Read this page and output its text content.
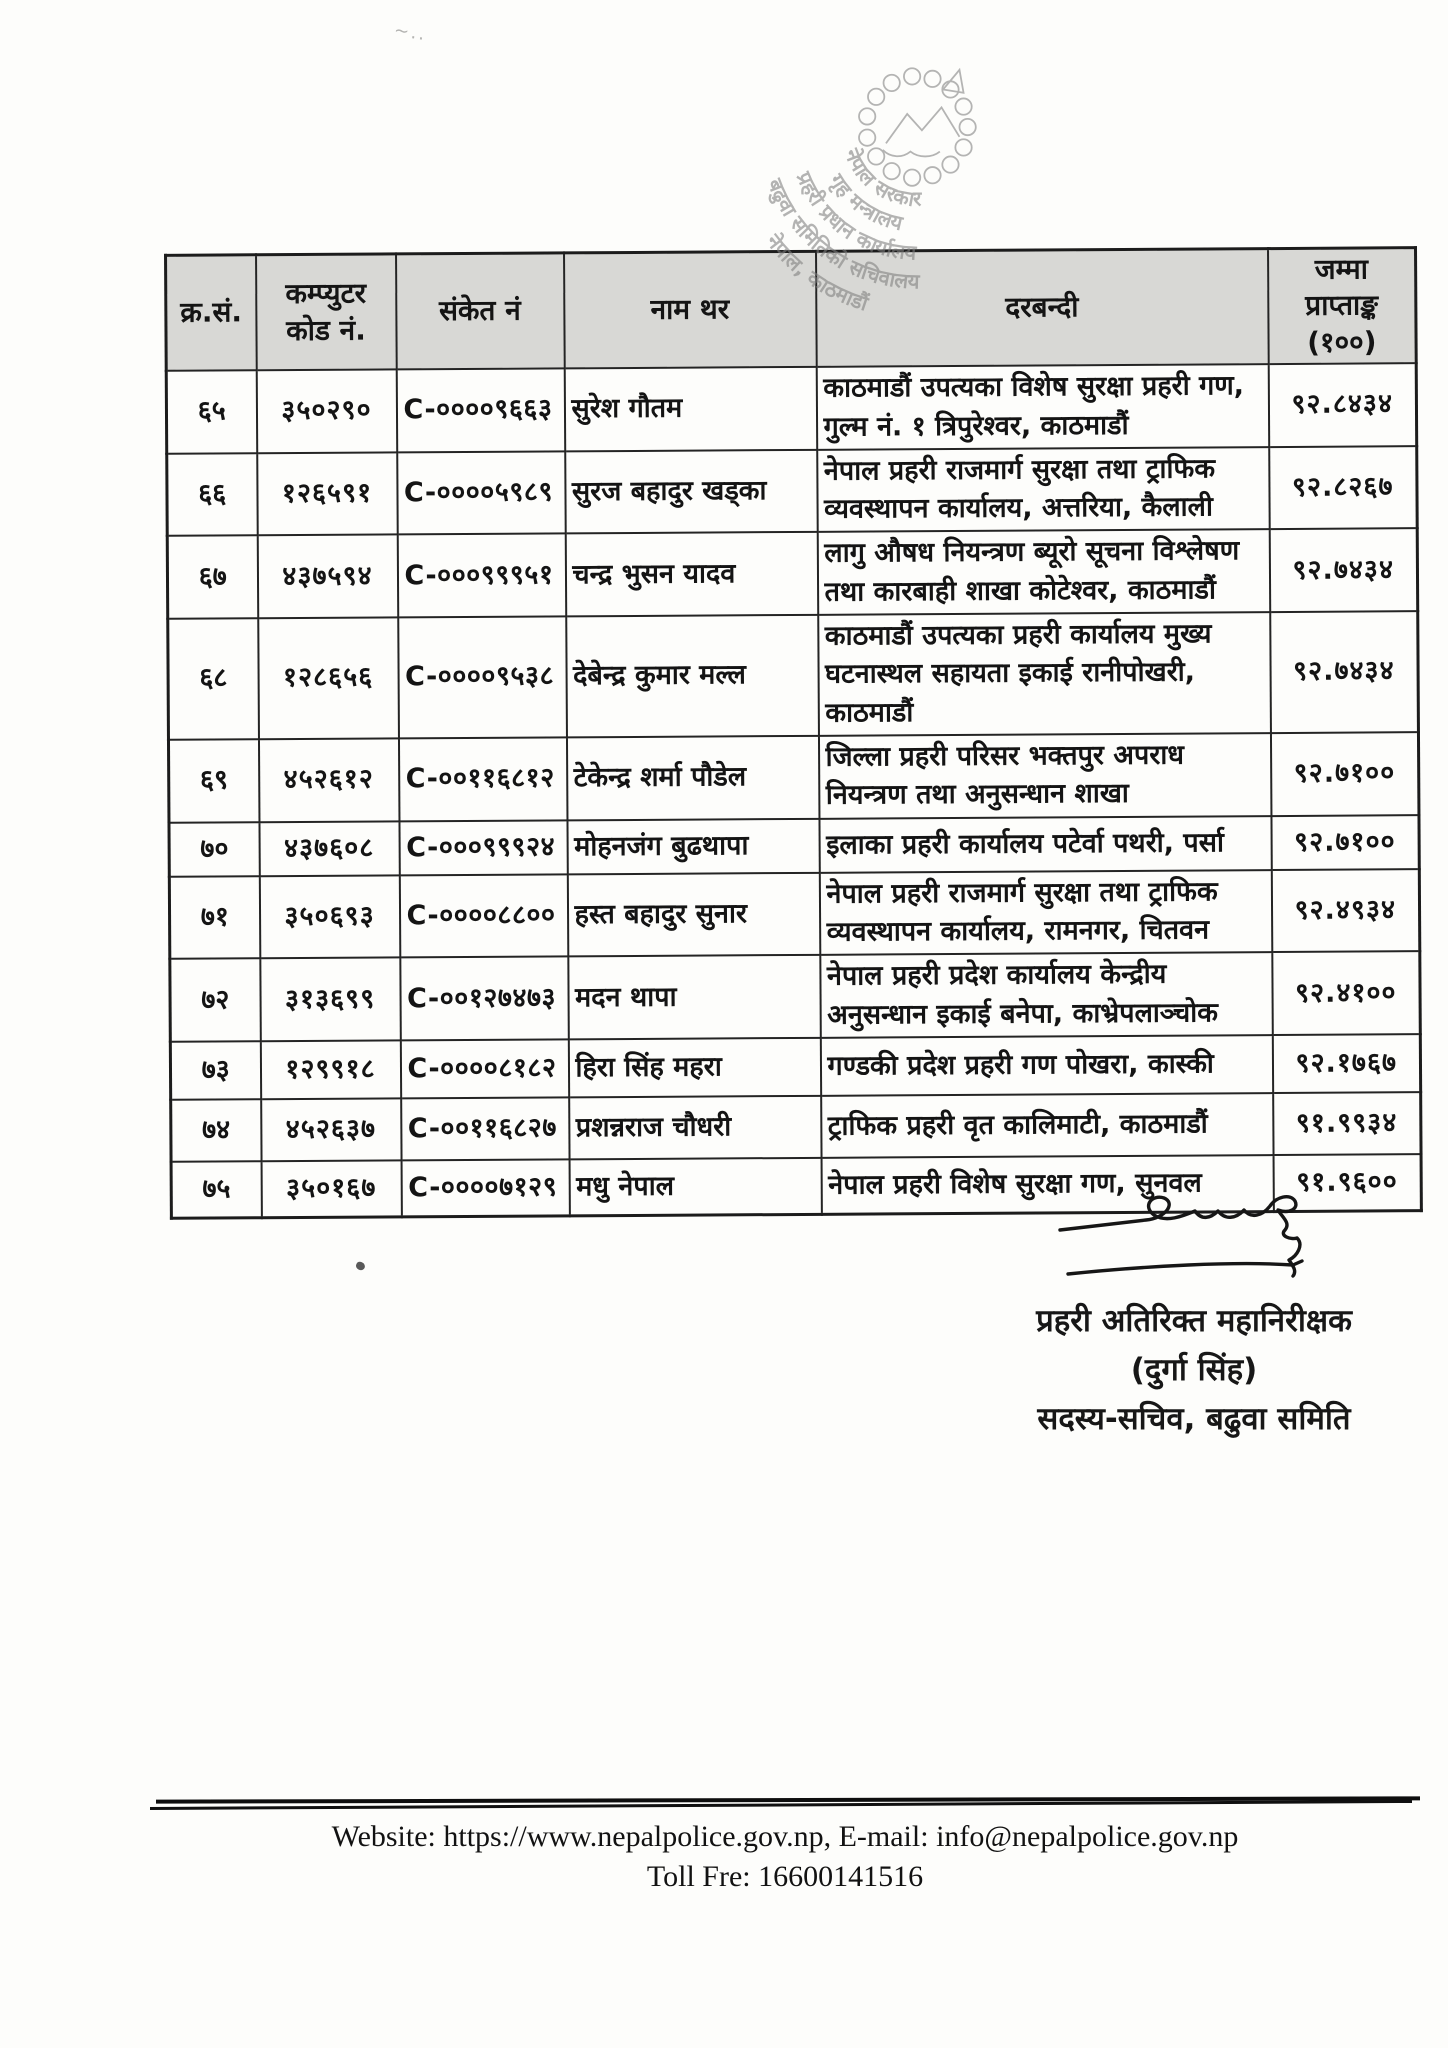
~..
नेपाल सरकार
गृह मन्त्रालय
प्रहरी प्रधान कार्यालय
बढुवा समितिको सचिवालय
नेपाल, काठमाडौं
क्र.सं.	कम्प्युटर कोड नं.	संकेत नं	नाम थर	दरबन्दी	जम्मा प्राप्ताङ्क (१००)
६५	३५०२९०	C-००००९६६३	सुरेश गौतम	काठमाडौं उपत्यका विशेष सुरक्षा प्रहरी गण, गुल्म नं. १ त्रिपुरेश्वर, काठमाडौं	९२.८४३४
६६	१२६५९१	C-००००५९८९	सुरज बहादुर खड्का	नेपाल प्रहरी राजमार्ग सुरक्षा तथा ट्राफिक व्यवस्थापन कार्यालय, अत्तरिया, कैलाली	९२.८२६७
६७	४३७५९४	C-०००९९९५१	चन्द्र भुसन यादव	लागु औषध नियन्त्रण ब्यूरो सूचना विश्लेषण तथा कारबाही शाखा कोटेश्वर, काठमाडौं	९२.७४३४
६८	१२८६५६	C-००००९५३८	देबेन्द्र कुमार मल्ल	काठमाडौं उपत्यका प्रहरी कार्यालय मुख्य घटनास्थल सहायता इकाई रानीपोखरी, काठमाडौं	९२.७४३४
६९	४५२६१२	C-००११६८१२	टेकेन्द्र शर्मा पौडेल	जिल्ला प्रहरी परिसर भक्तपुर अपराध नियन्त्रण तथा अनुसन्धान शाखा	९२.७१००
७०	४३७६०८	C-०००९९९२४	मोहनजंग बुढथापा	इलाका प्रहरी कार्यालय पटेर्वा पथरी, पर्सा	९२.७१००
७१	३५०६९३	C-००००८८००	हस्त बहादुर सुनार	नेपाल प्रहरी राजमार्ग सुरक्षा तथा ट्राफिक व्यवस्थापन कार्यालय, रामनगर, चितवन	९२.४९३४
७२	३१३६९९	C-००१२७४७३	मदन थापा	नेपाल प्रहरी प्रदेश कार्यालय केन्द्रीय अनुसन्धान इकाई बनेपा, काभ्रेपलाञ्चोक	९२.४१००
७३	१२९९१८	C-००००८१८२	हिरा सिंह महरा	गण्डकी प्रदेश प्रहरी गण पोखरा, कास्की	९२.१७६७
७४	४५२६३७	C-००११६८२७	प्रशन्नराज चौधरी	ट्राफिक प्रहरी वृत कालिमाटी, काठमाडौं	९१.९९३४
७५	३५०१६७	C-००००७१२९	मधु नेपाल	नेपाल प्रहरी विशेष सुरक्षा गण, सुनवल	९१.९६००
प्रहरी अतिरिक्त महानिरीक्षक
(दुर्गा सिंह)
सदस्य-सचिव, बढुवा समिति
Website: https://www.nepalpolice.gov.np, E-mail: info@nepalpolice.gov.np
Toll Fre: 16600141516
